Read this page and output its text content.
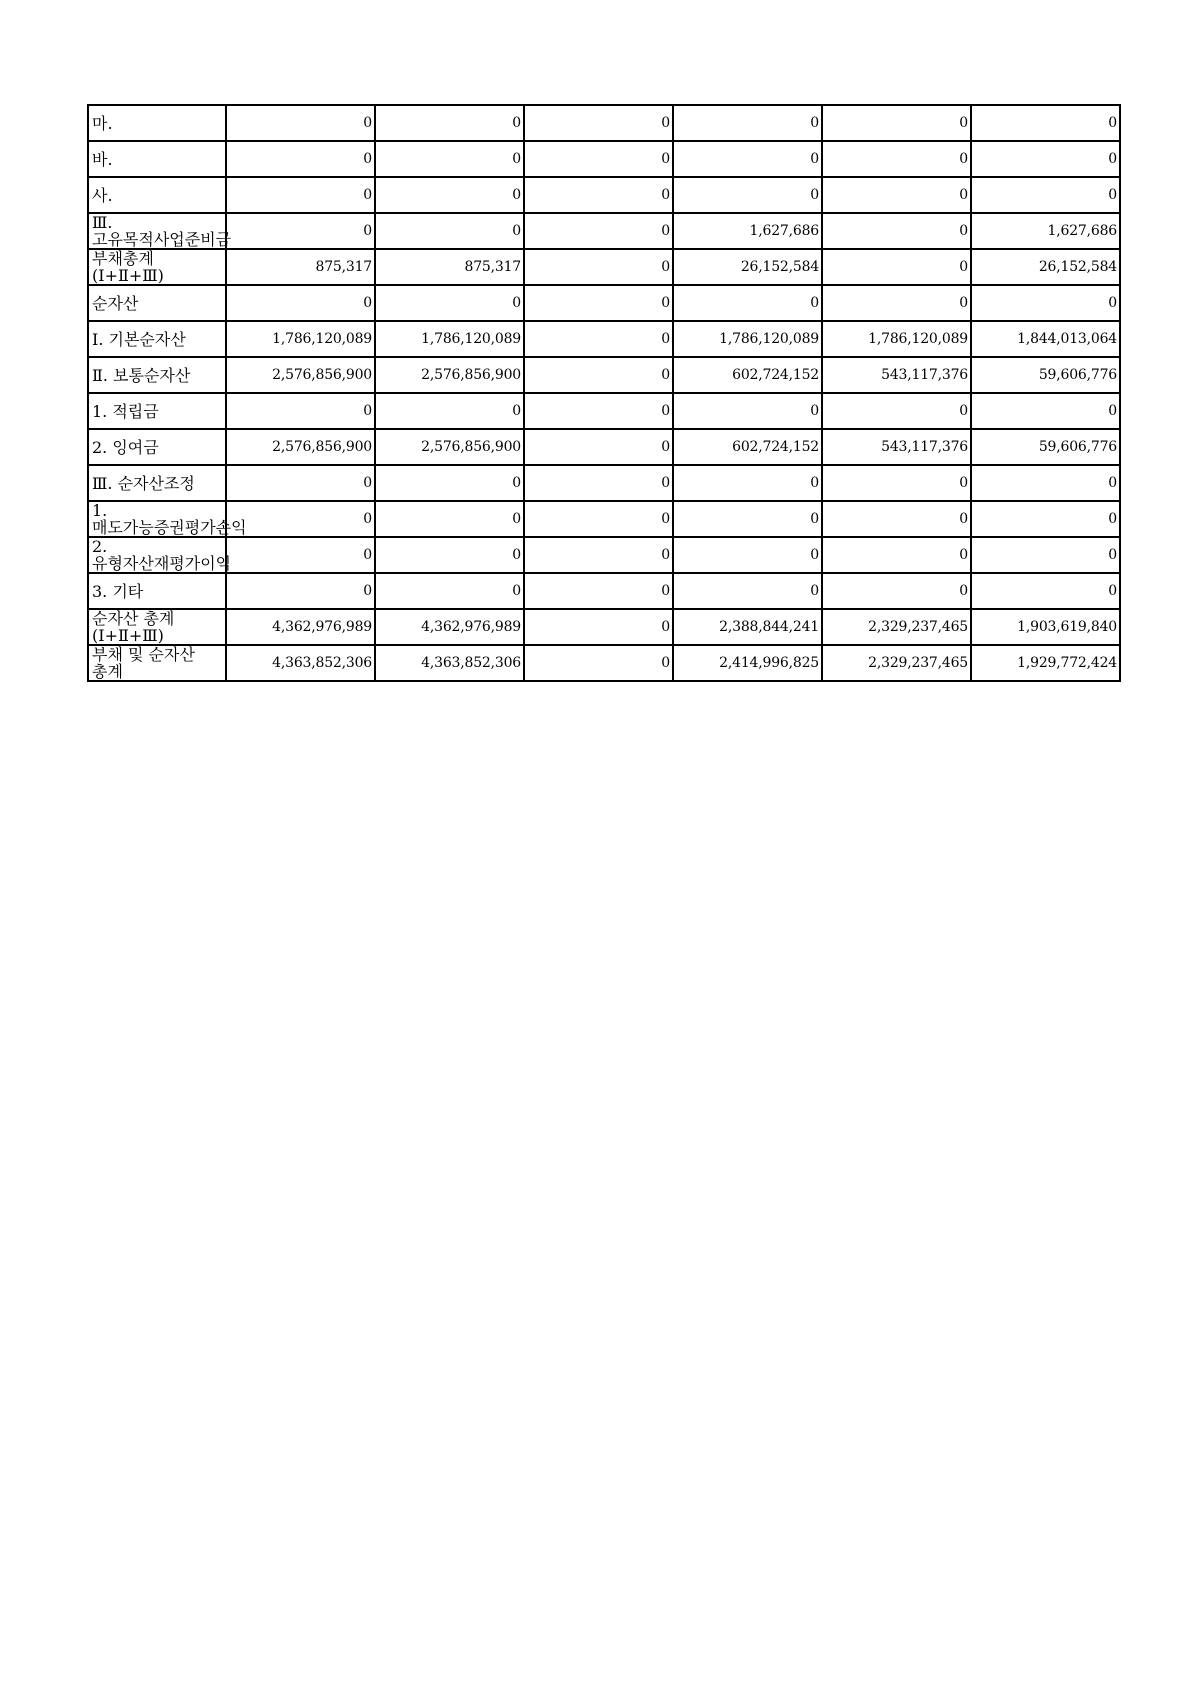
마.	0	0	0	0	0	0
바.	0	0	0	0	0	0
사.	0	0	0	0	0	0
Ⅲ. 고유목적사업준비금	0	0	0	1,627,686	0	1,627,686
부채총계(Ⅰ+Ⅱ+Ⅲ)	875,317	875,317	0	26,152,584	0	26,152,584
순자산	0	0	0	0	0	0
Ⅰ. 기본순자산	1,786,120,089	1,786,120,089	0	1,786,120,089	1,786,120,089	1,844,013,064
Ⅱ. 보통순자산	2,576,856,900	2,576,856,900	0	602,724,152	543,117,376	59,606,776
1. 적립금	0	0	0	0	0	0
2. 잉여금	2,576,856,900	2,576,856,900	0	602,724,152	543,117,376	59,606,776
Ⅲ. 순자산조정	0	0	0	0	0	0
1. 매도가능증권평가손익	0	0	0	0	0	0
2. 유형자산재평가이익	0	0	0	0	0	0
3. 기타	0	0	0	0	0	0
순자산 총계(Ⅰ+Ⅱ+Ⅲ)	4,362,976,989	4,362,976,989	0	2,388,844,241	2,329,237,465	1,903,619,840
부채 및 순자산 총계	4,363,852,306	4,363,852,306	0	2,414,996,825	2,329,237,465	1,929,772,424
